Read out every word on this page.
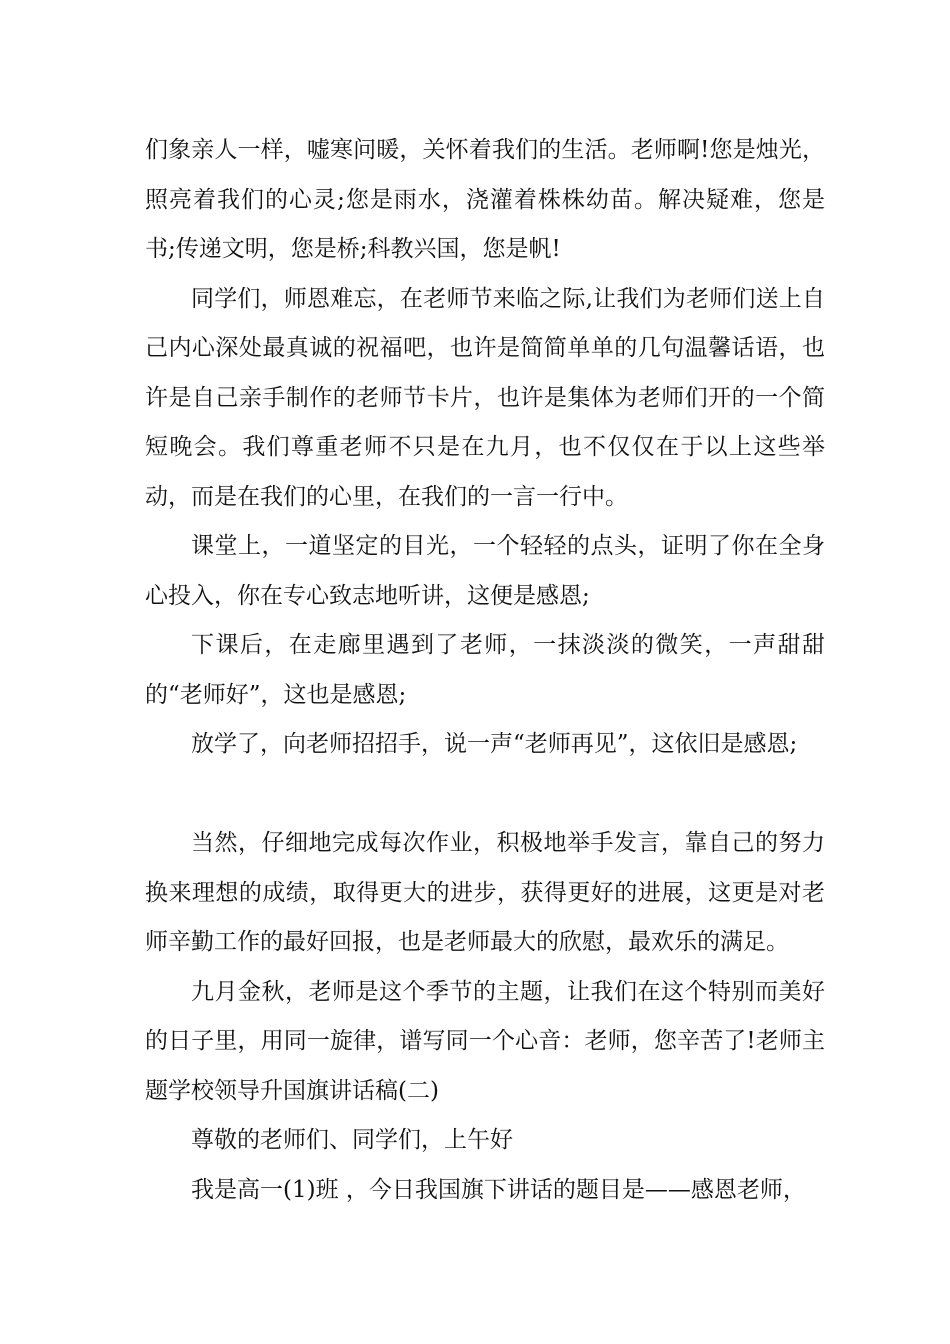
们象亲人一样，嘘寒问暖，关怀着我们的生活。老师啊!您是烛光，照亮着我们的心灵;您是雨水，浇灌着株株幼苗。解决疑难，您是书;传递文明，您是桥;科教兴国，您是帆!

同学们，师恩难忘，在老师节来临之际,让我们为老师们送上自己内心深处最真诚的祝福吧，也许是简简单单的几句温馨话语，也许是自己亲手制作的老师节卡片，也许是集体为老师们开的一个简短晚会。我们尊重老师不只是在九月，也不仅仅在于以上这些举动，而是在我们的心里，在我们的一言一行中。

课堂上，一道坚定的目光，一个轻轻的点头，证明了你在全身心投入，你在专心致志地听讲，这便是感恩;

下课后，在走廊里遇到了老师，一抹淡淡的微笑，一声甜甜的“老师好”，这也是感恩;

放学了，向老师招招手，说一声“老师再见”，这依旧是感恩;

当然，仔细地完成每次作业，积极地举手发言，靠自己的努力换来理想的成绩，取得更大的进步，获得更好的进展，这更是对老师辛勤工作的最好回报，也是老师最大的欣慰，最欢乐的满足。

九月金秋，老师是这个季节的主题，让我们在这个特别而美好的日子里，用同一旋律，谱写同一个心音：老师，您辛苦了!老师主题学校领导升国旗讲话稿(二)

尊敬的老师们、同学们，上午好

我是高一(1)班 ，今日我国旗下讲话的题目是——感恩老师，
